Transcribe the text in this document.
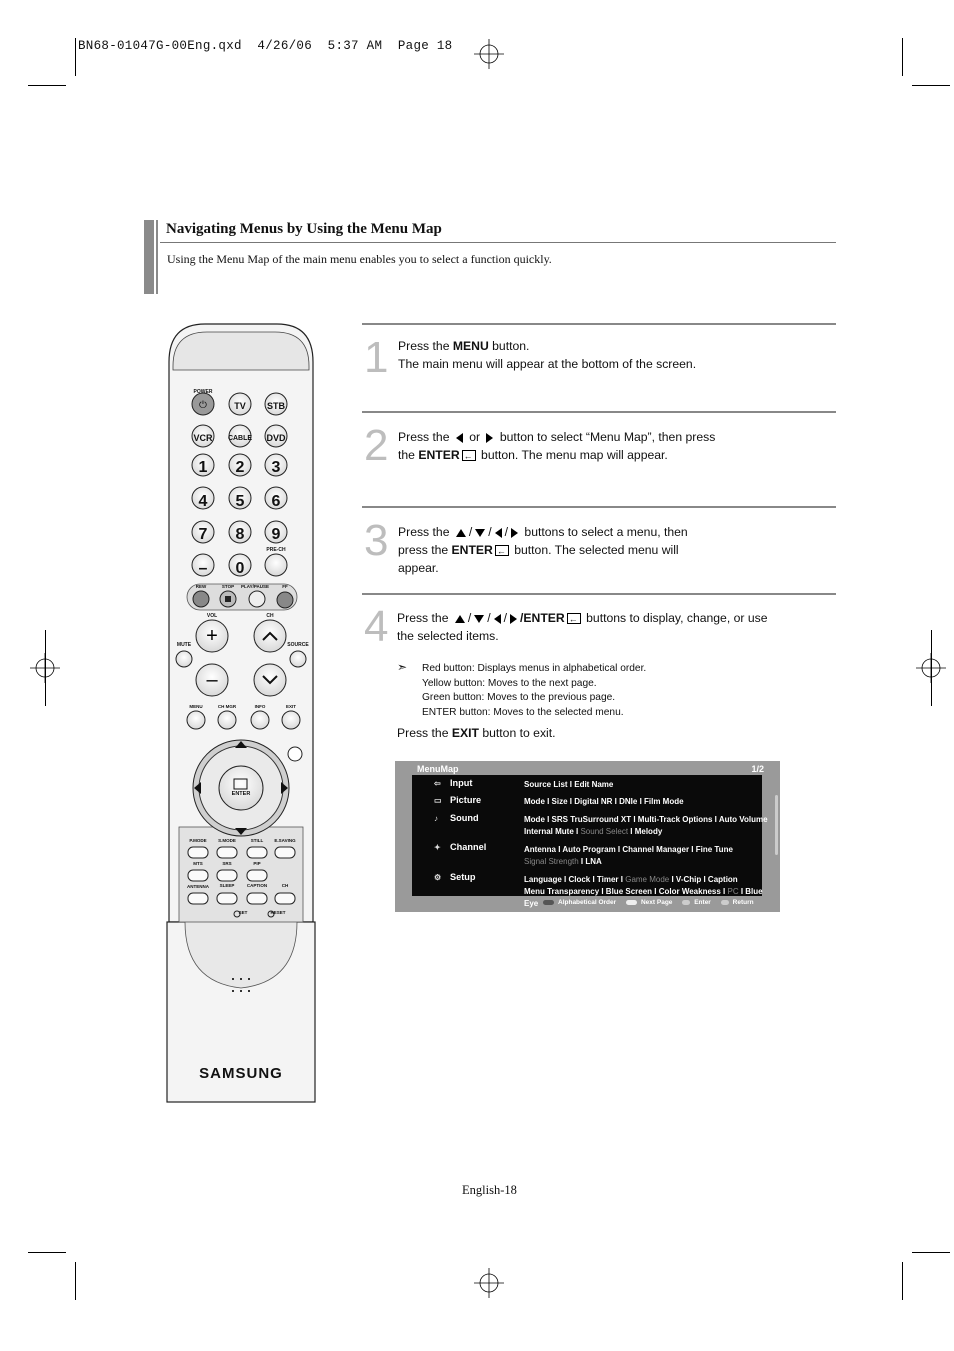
BN68-01047G-00Eng.qxd  4/26/06  5:37 AM  Page 18
Navigating Menus by Using the Menu Map
Using the Menu Map of the main menu enables you to select a function quickly.
⏻
+
–
POWER
TV	STB
VCR	CABLE	DVD
1	2	3
4	5	6
7	8	9
–	0
PRE-CH
REW	STOP	PLAY/PAUSE	FF
VOL	CH
MUTE	SOURCE
MENU	CH MGR	INFO	EXIT
ENTER
P.MODE	S.MODE	STILL	E.SAVING
MTS	SRS	PIP
ANTENNA	SLEEP	CAPTION	CH
SET	RESET
SAMSUNG
1 Press the MENU button.
The main menu will appear at the bottom of the screen.
2 Press the  or  button to select “Menu Map”, then press
the ENTER← button. The menu map will appear.
3 Press the / / / buttons to select a menu, then
press the ENTER← button. The selected menu will
appear.
4 Press the / / / /ENTER← buttons to display, change, or use
the selected items.
➣ Red button: Displays menus in alphabetical order.
Yellow button: Moves to the next page.
Green button: Moves to the previous page.
ENTER button: Moves to the selected menu.
Press the EXIT button to exit.
MenuMap	1/2
⇦ Input	Source List I Edit Name
▭ Picture	Mode I Size I Digital NR I DNIe I Film Mode
♪ Sound	Mode I SRS TruSurround XT I Multi-Track Options I Auto Volume
Internal Mute I Sound Select I Melody
✦ Channel	Antenna I Auto Program I Channel Manager I Fine Tune
Signal Strength I LNA
⚙ Setup	Language I Clock I Timer I Game Mode I V-Chip I Caption
Menu Transparency I Blue Screen I Color Weakness I PC I Blue Eye	Alphabetical Order	Next Page	Enter	Return
English-18
